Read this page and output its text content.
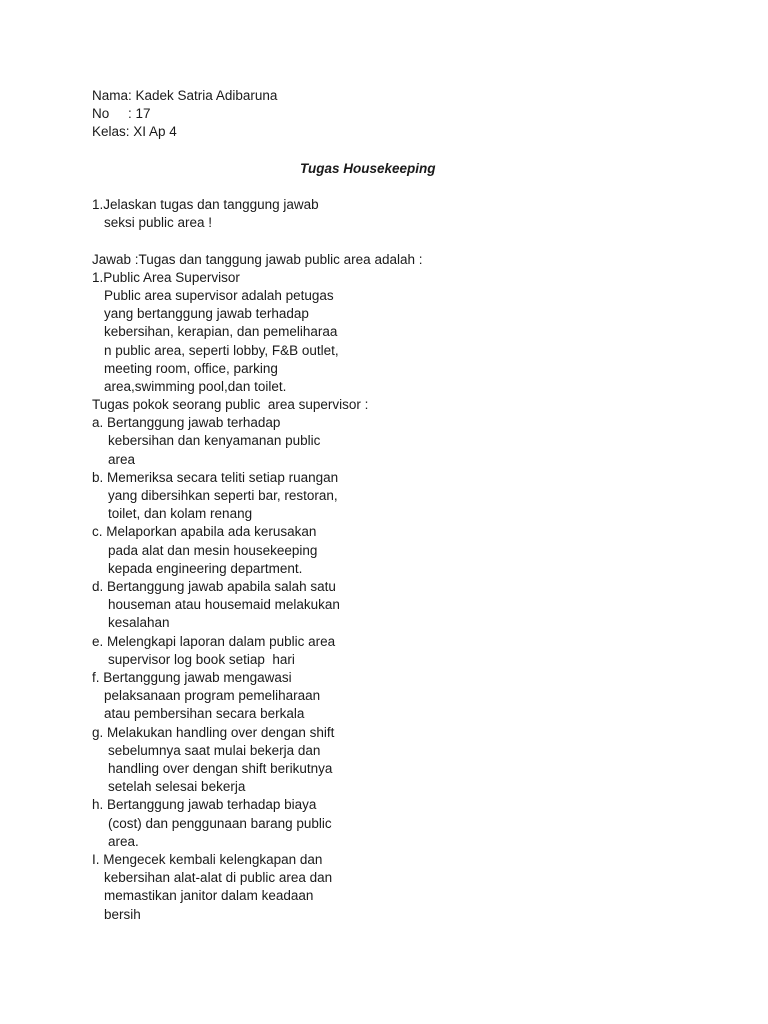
Nama: Kadek Satria Adibaruna
No     : 17
Kelas: XI Ap 4
Tugas Housekeeping
1.Jelaskan tugas dan tanggung jawab
seksi public area !
Jawab :Tugas dan tanggung jawab public area adalah :
1.Public Area Supervisor
Public area supervisor adalah petugas
yang bertanggung jawab terhadap
kebersihan, kerapian, dan pemeliharaa
n public area, seperti lobby, F&B outlet,
meeting room, office, parking
area,swimming pool,dan toilet.
Tugas pokok seorang public  area supervisor :
a. Bertanggung jawab terhadap
kebersihan dan kenyamanan public
area
b. Memeriksa secara teliti setiap ruangan
yang dibersihkan seperti bar, restoran,
toilet, dan kolam renang
c. Melaporkan apabila ada kerusakan
pada alat dan mesin housekeeping
kepada engineering department.
d. Bertanggung jawab apabila salah satu
houseman atau housemaid melakukan
kesalahan
e. Melengkapi laporan dalam public area
supervisor log book setiap  hari
f. Bertanggung jawab mengawasi
pelaksanaan program pemeliharaan
atau pembersihan secara berkala
g. Melakukan handling over dengan shift
sebelumnya saat mulai bekerja dan
handling over dengan shift berikutnya
setelah selesai bekerja
h. Bertanggung jawab terhadap biaya
(cost) dan penggunaan barang public
area.
I. Mengecek kembali kelengkapan dan
kebersihan alat-alat di public area dan
memastikan janitor dalam keadaan
bersih
